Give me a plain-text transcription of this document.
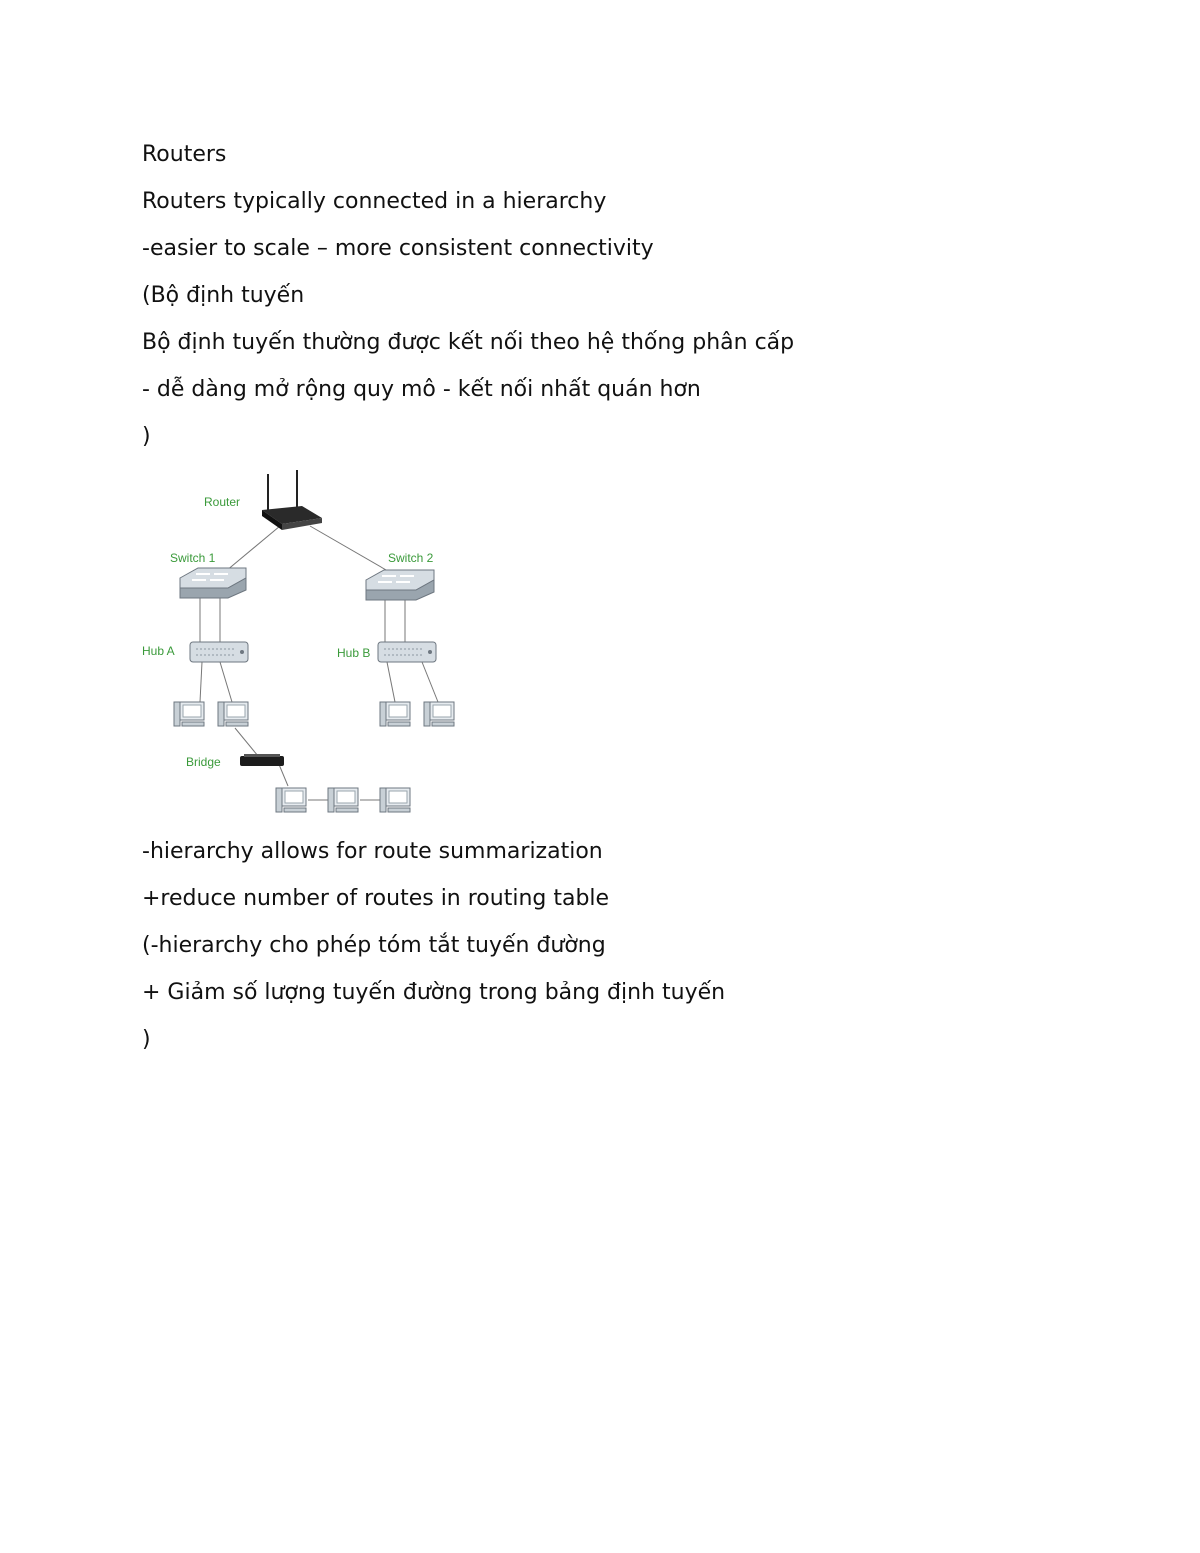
Routers
Routers typically connected in a hierarchy
-easier to scale – more consistent connectivity
(Bộ định tuyến
Bộ định tuyến thường được kết nối theo hệ thống phân cấp
- dễ dàng mở rộng quy mô - kết nối nhất quán hơn
)
Router
Switch 1	Switch 2
Hub A	Hub B
Bridge
-hierarchy allows for route summarization
+reduce number of routes in routing table
(-hierarchy cho phép tóm tắt tuyến đường
+ Giảm số lượng tuyến đường trong bảng định tuyến
)
